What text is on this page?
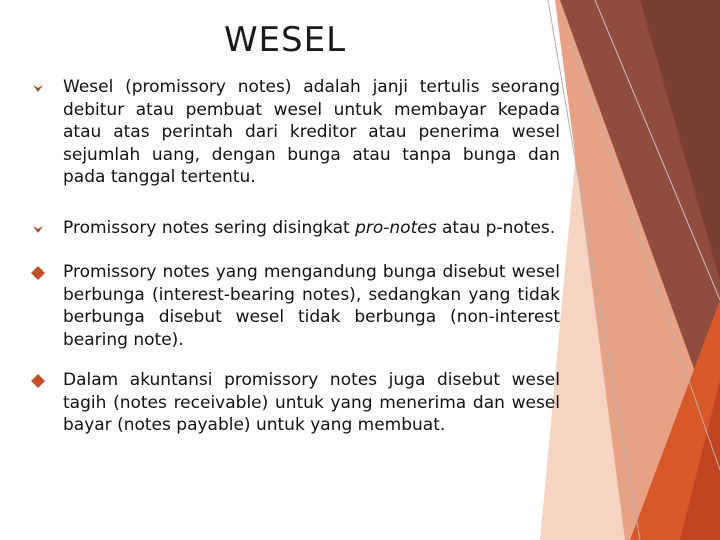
WESEL
Wesel (promissory notes) adalah janji tertulis seorang debitur atau pembuat wesel untuk membayar kepada atau atas perintah dari kreditor atau penerima wesel sejumlah uang, dengan bunga atau tanpa bunga dan pada tanggal tertentu.
Promissory notes sering disingkat pro-notes atau p-notes.
Promissory notes yang mengandung bunga disebut wesel berbunga (interest-bearing notes), sedangkan yang tidak berbunga disebut wesel tidak berbunga (non-interest bearing note).
Dalam akuntansi promissory notes juga disebut wesel tagih (notes receivable) untuk yang menerima dan wesel bayar (notes payable) untuk yang membuat.
